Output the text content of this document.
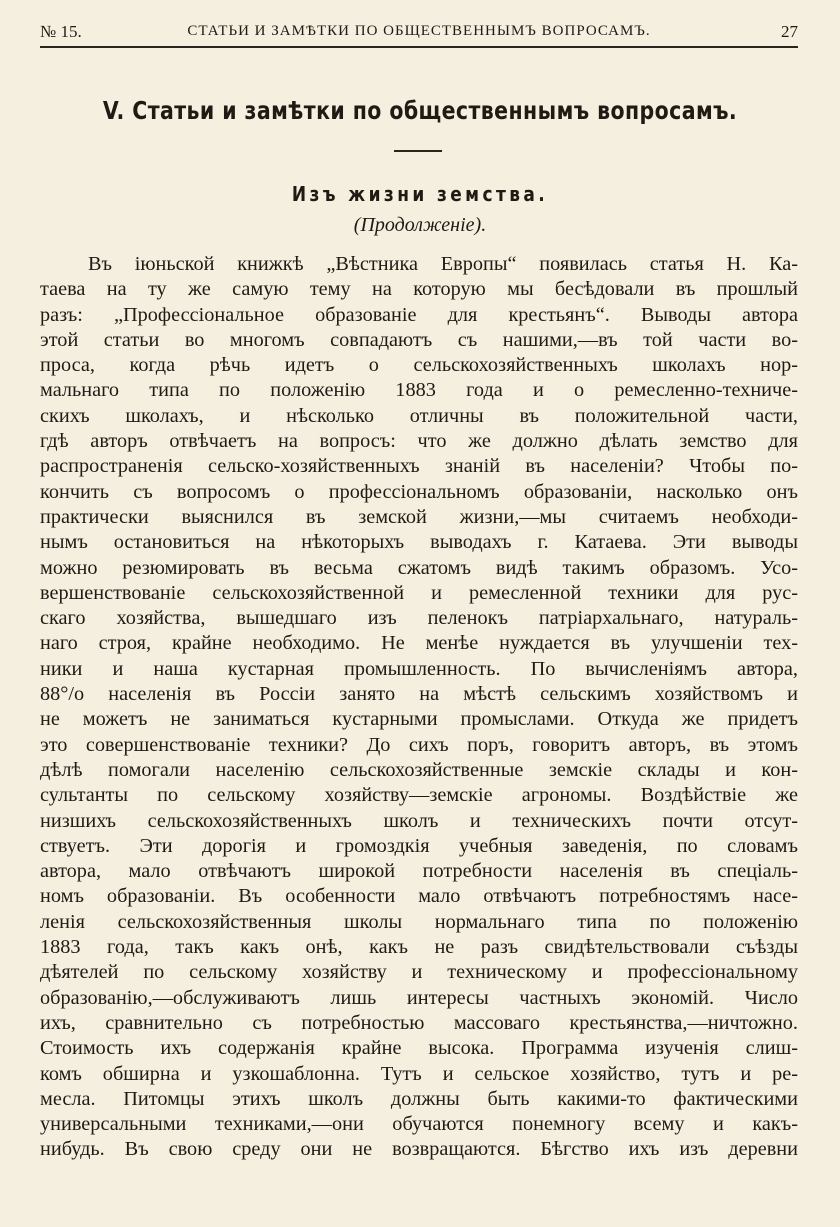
№ 15.	СТАТЬИ И ЗАМѢТКИ ПО ОБЩЕСТВЕННЫМЪ ВОПРОСАМЪ.	27
V. Статьи и замѣтки по общественнымъ вопросамъ.
Изъ жизни земства.
(Продолженіе).
Въ іюньской книжкѣ „Вѣстника Европы“ появилась статья Н. Ка-
таева на ту же самую тему на которую мы бесѣдовали въ прошлый
разъ: „Профессіональное образованіе для крестьянъ“. Выводы автора
этой статьи во многомъ совпадаютъ съ нашими,—въ той части во-
проса, когда рѣчь идетъ о сельскохозяйственныхъ школахъ нор-
мальнаго типа по положенію 1883 года и о ремесленно-техниче-
скихъ школахъ, и нѣсколько отличны въ положительной части,
гдѣ авторъ отвѣчаетъ на вопросъ: что же должно дѣлать земство для
распространенія сельско-хозяйственныхъ знаній въ населеніи? Чтобы по-
кончить съ вопросомъ о профессіональномъ образованіи, насколько онъ
практически выяснился въ земской жизни,—мы считаемъ необходи-
нымъ остановиться на нѣкоторыхъ выводахъ г. Катаева. Эти выводы
можно резюмировать въ весьма сжатомъ видѣ такимъ образомъ. Усо-
вершенствованіе сельскохозяйственной и ремесленной техники для рус-
скаго хозяйства, вышедшаго изъ пеленокъ патріархальнаго, натураль-
наго строя, крайне необходимо. Не менѣе нуждается въ улучшеніи тех-
ники и наша кустарная промышленность. По вычисленіямъ автора,
88°/о населенія въ Россіи занято на мѣстѣ сельскимъ хозяйствомъ и
не можетъ не заниматься кустарными промыслами. Откуда же придетъ
это совершенствованіе техники? До сихъ поръ, говоритъ авторъ, въ этомъ
дѣлѣ помогали населенію сельскохозяйственные земскіе склады и кон-
сультанты по сельскому хозяйству—земскіе агрономы. Воздѣйствіе же
низшихъ сельскохозяйственныхъ школъ и техническихъ почти отсут-
ствуетъ. Эти дорогія и громоздкія учебныя заведенія, по словамъ
автора, мало отвѣчаютъ широкой потребности населенія въ спеціаль-
номъ образованіи. Въ особенности мало отвѣчаютъ потребностямъ насе-
ленія сельскохозяйственныя школы нормальнаго типа по положенію
1883 года, такъ какъ онѣ, какъ не разъ свидѣтельствовали съѣзды
дѣятелей по сельскому хозяйству и техническому и профессіональному
образованію,—обслуживаютъ лишь интересы частныхъ экономій. Число
ихъ, сравнительно съ потребностью массоваго крестьянства,—ничтожно.
Стоимость ихъ содержанія крайне высока. Программа изученія слиш-
комъ обширна и узкошаблонна. Тутъ и сельское хозяйство, тутъ и ре-
месла. Питомцы этихъ школъ должны быть какими-то фактическими
универсальными техниками,—они обучаются понемногу всему и какъ-
нибудь. Въ свою среду они не возвращаются. Бѣгство ихъ изъ деревни
